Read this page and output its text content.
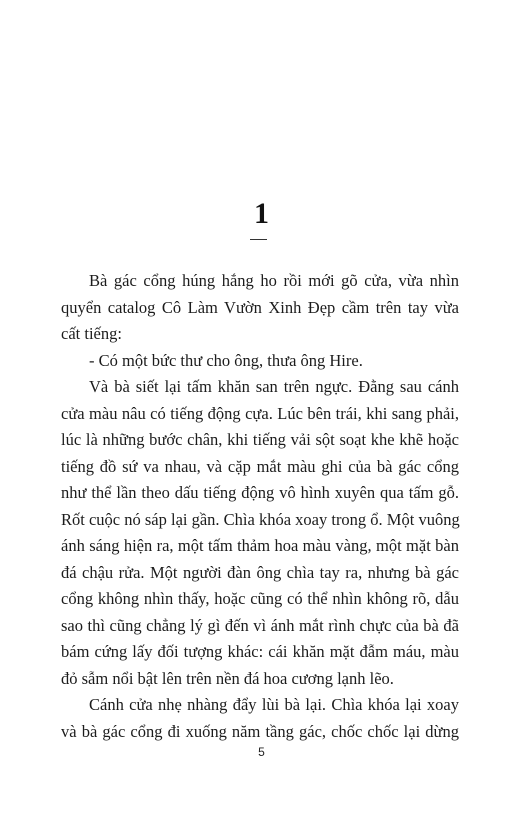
1
Bà gác cổng húng hắng ho rồi mới gõ cửa, vừa nhìn
quyển catalog Cô Làm Vườn Xinh Đẹp cầm trên tay vừa
cất tiếng:
- Có một bức thư cho ông, thưa ông Hire.
Và bà siết lại tấm khăn san trên ngực. Đằng sau cánh
cửa màu nâu có tiếng động cựa. Lúc bên trái, khi sang phải,
lúc là những bước chân, khi tiếng vải sột soạt khe khẽ hoặc
tiếng đồ sứ va nhau, và cặp mắt màu ghi của bà gác cổng
như thể lần theo dấu tiếng động vô hình xuyên qua tấm gỗ.
Rốt cuộc nó sáp lại gần. Chìa khóa xoay trong ổ. Một vuông
ánh sáng hiện ra, một tấm thảm hoa màu vàng, một mặt bàn
đá chậu rửa. Một người đàn ông chìa tay ra, nhưng bà gác
cổng không nhìn thấy, hoặc cũng có thể nhìn không rõ, dẫu
sao thì cũng chẳng lý gì đến vì ánh mắt rình chực của bà đã
bám cứng lấy đối tượng khác: cái khăn mặt đẫm máu, màu
đỏ sẫm nổi bật lên trên nền đá hoa cương lạnh lẽo.
Cánh cửa nhẹ nhàng đẩy lùi bà lại. Chìa khóa lại xoay
và bà gác cổng đi xuống năm tầng gác, chốc chốc lại dừng
5
